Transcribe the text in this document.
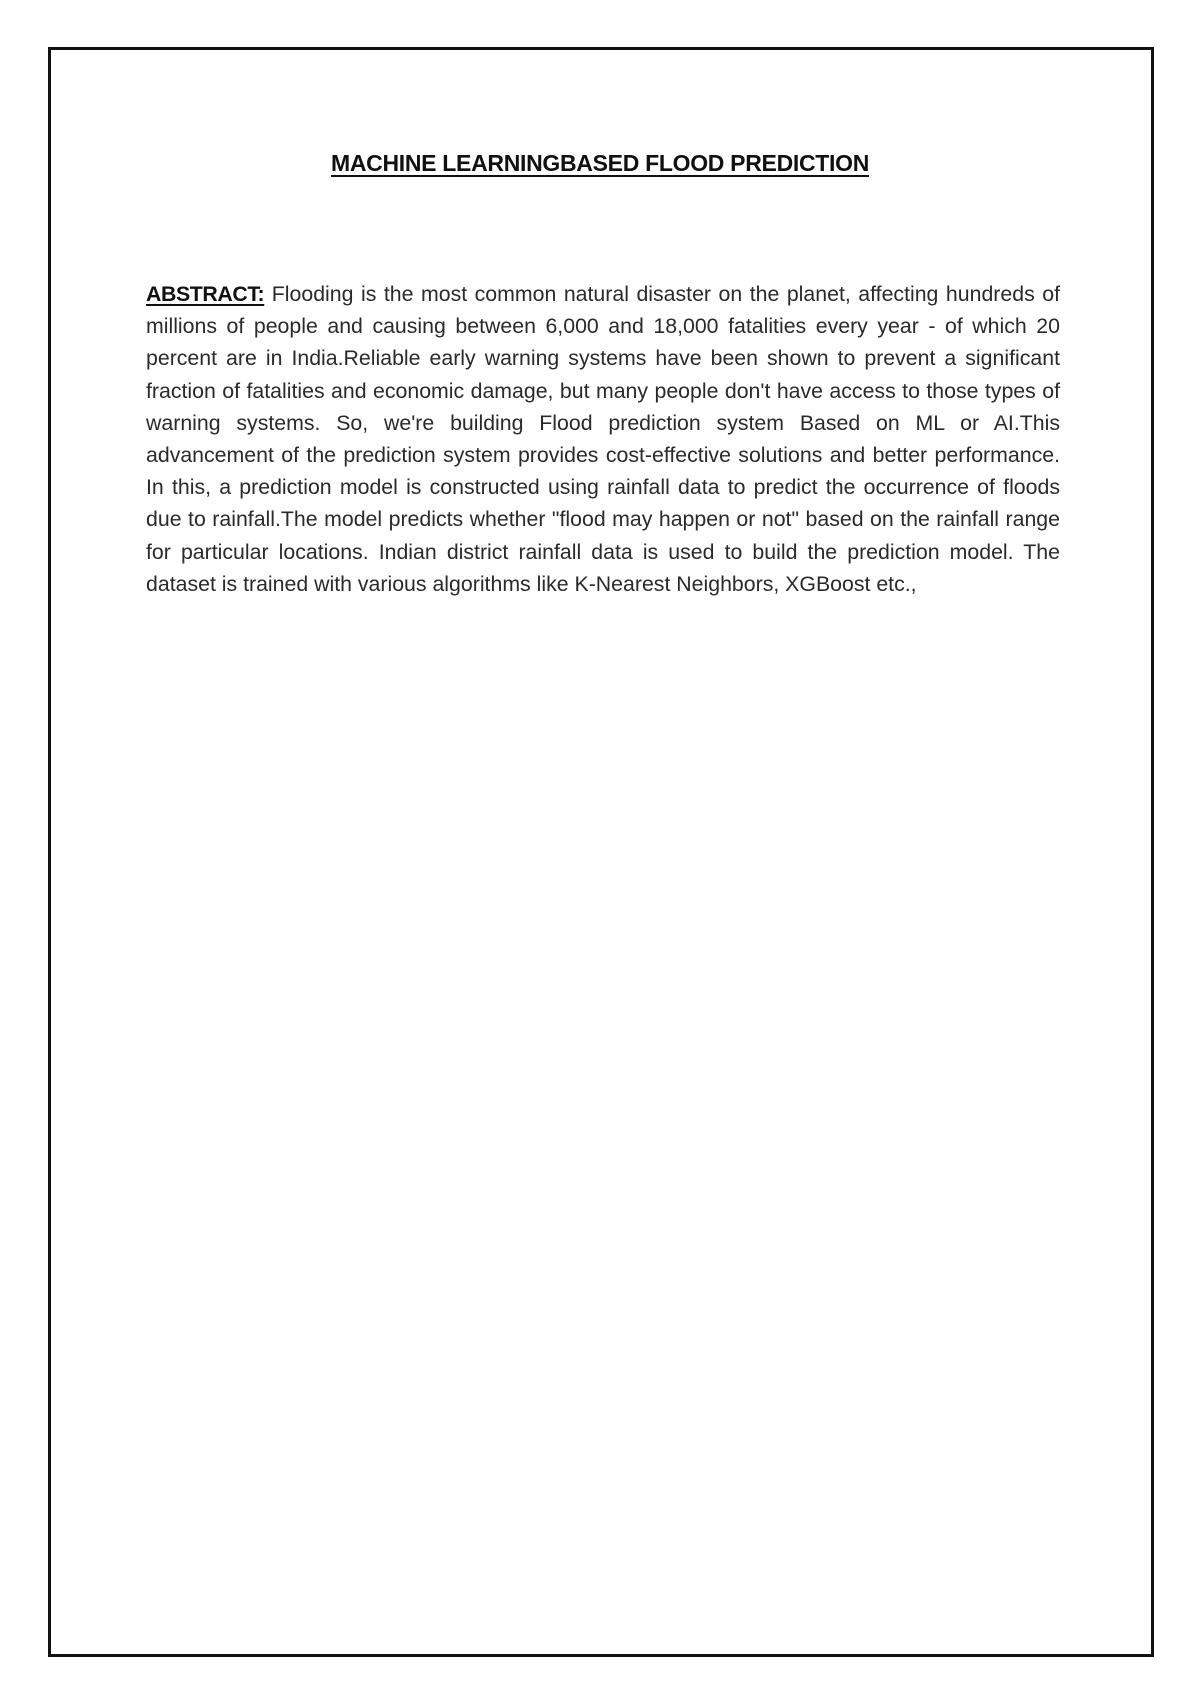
MACHINE LEARNINGBASED FLOOD PREDICTION

ABSTRACT: Flooding is the most common natural disaster on the planet, affecting hundreds of millions of people and causing between 6,000 and 18,000 fatalities every year - of which 20 percent are in India.Reliable early warning systems have been shown to prevent a significant fraction of fatalities and economic damage, but many people don't have access to those types of warning systems. So, we're building Flood prediction system Based on ML or AI.This advancement of the prediction system provides cost-effective solutions and better performance. In this, a prediction model is constructed using rainfall data to predict the occurrence of floods due to rainfall.The model predicts whether "flood may happen or not" based on the rainfall range for particular locations. Indian district rainfall data is used to build the prediction model. The dataset is trained with various algorithms like K-Nearest Neighbors, XGBoost etc.,
